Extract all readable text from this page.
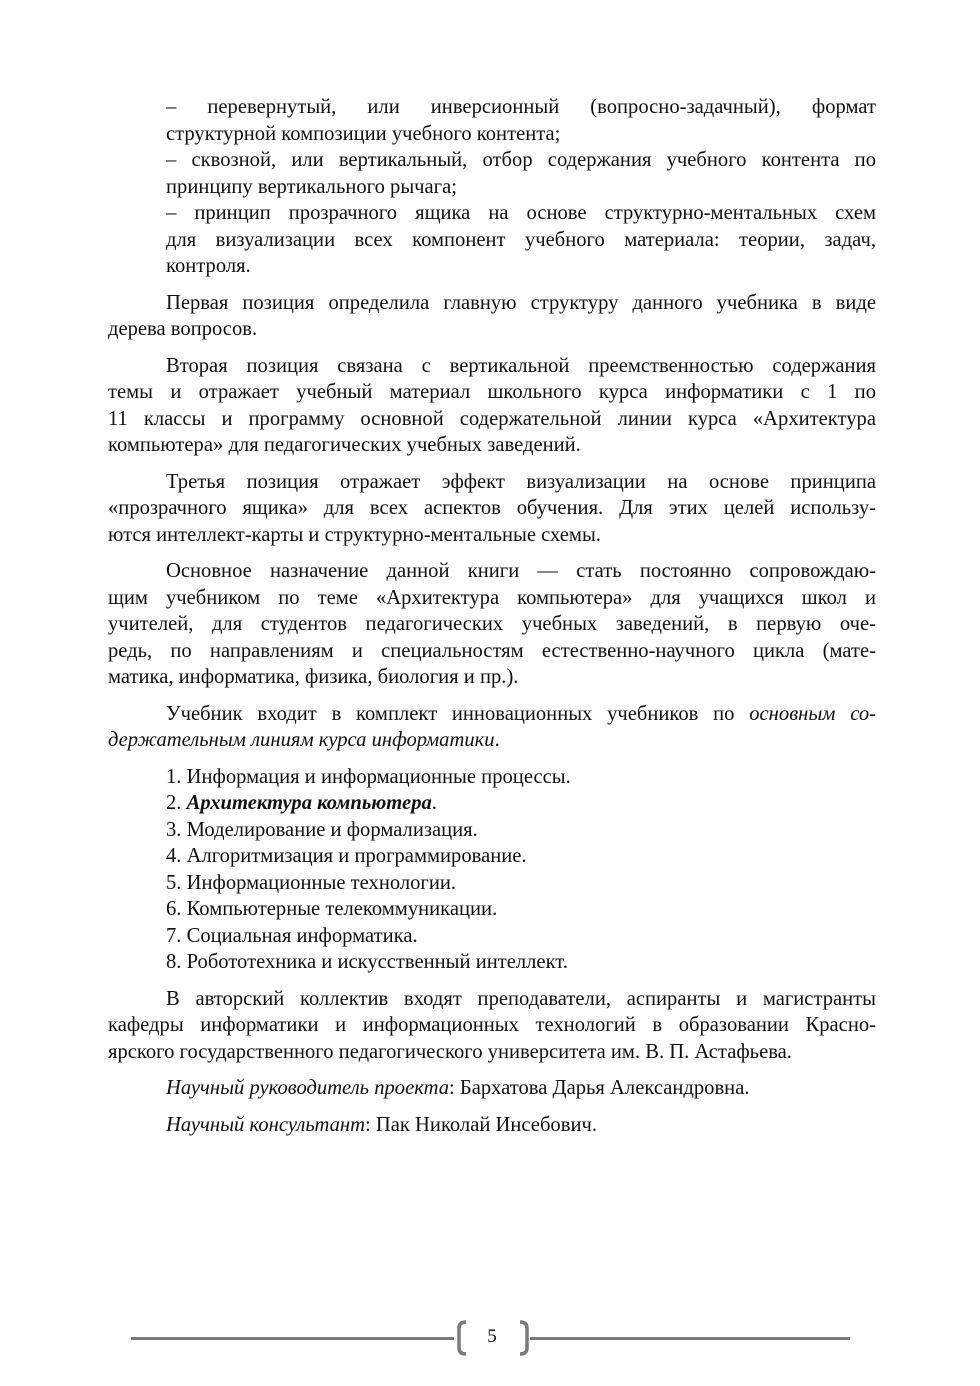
– перевернутый, или инверсионный (вопросно-задачный), формат
структурной композиции учебного контента;
– сквозной, или вертикальный, отбор содержания учебного контента по
принципу вертикального рычага;
– принцип прозрачного ящика на основе структурно-ментальных схем
для визуализации всех компонент учебного материала: теории, задач,
контроля.
Первая позиция определила главную структуру данного учебника в виде
дерева вопросов.
Вторая позиция связана с вертикальной преемственностью содержания
темы и отражает учебный материал школьного курса информатики с 1 по
11 классы и программу основной содержательной линии курса «Архитектура
компьютера» для педагогических учебных заведений.
Третья позиция отражает эффект визуализации на основе принципа
«прозрачного ящика» для всех аспектов обучения. Для этих целей использу-
ются интеллект-карты и структурно-ментальные схемы.
Основное назначение данной книги — стать постоянно сопровождаю-
щим учебником по теме «Архитектура компьютера» для учащихся школ и
учителей, для студентов педагогических учебных заведений, в первую оче-
редь, по направлениям и специальностям естественно-научного цикла (мате-
матика, информатика, физика, биология и пр.).
Учебник входит в комплект инновационных учебников по основным со-
держательным линиям курса информатики.
1. Информация и информационные процессы.
2. Архитектура компьютера.
3. Моделирование и формализация.
4. Алгоритмизация и программирование.
5. Информационные технологии.
6. Компьютерные телекоммуникации.
7. Социальная информатика.
8. Робототехника и искусственный интеллект.
В авторский коллектив входят преподаватели, аспиранты и магистранты
кафедры информатики и информационных технологий в образовании Красно-
ярского государственного педагогического университета им. В. П. Астафьева.
Научный руководитель проекта: Бархатова Дарья Александровна.
Научный консультант: Пак Николай Инсебович.
5
